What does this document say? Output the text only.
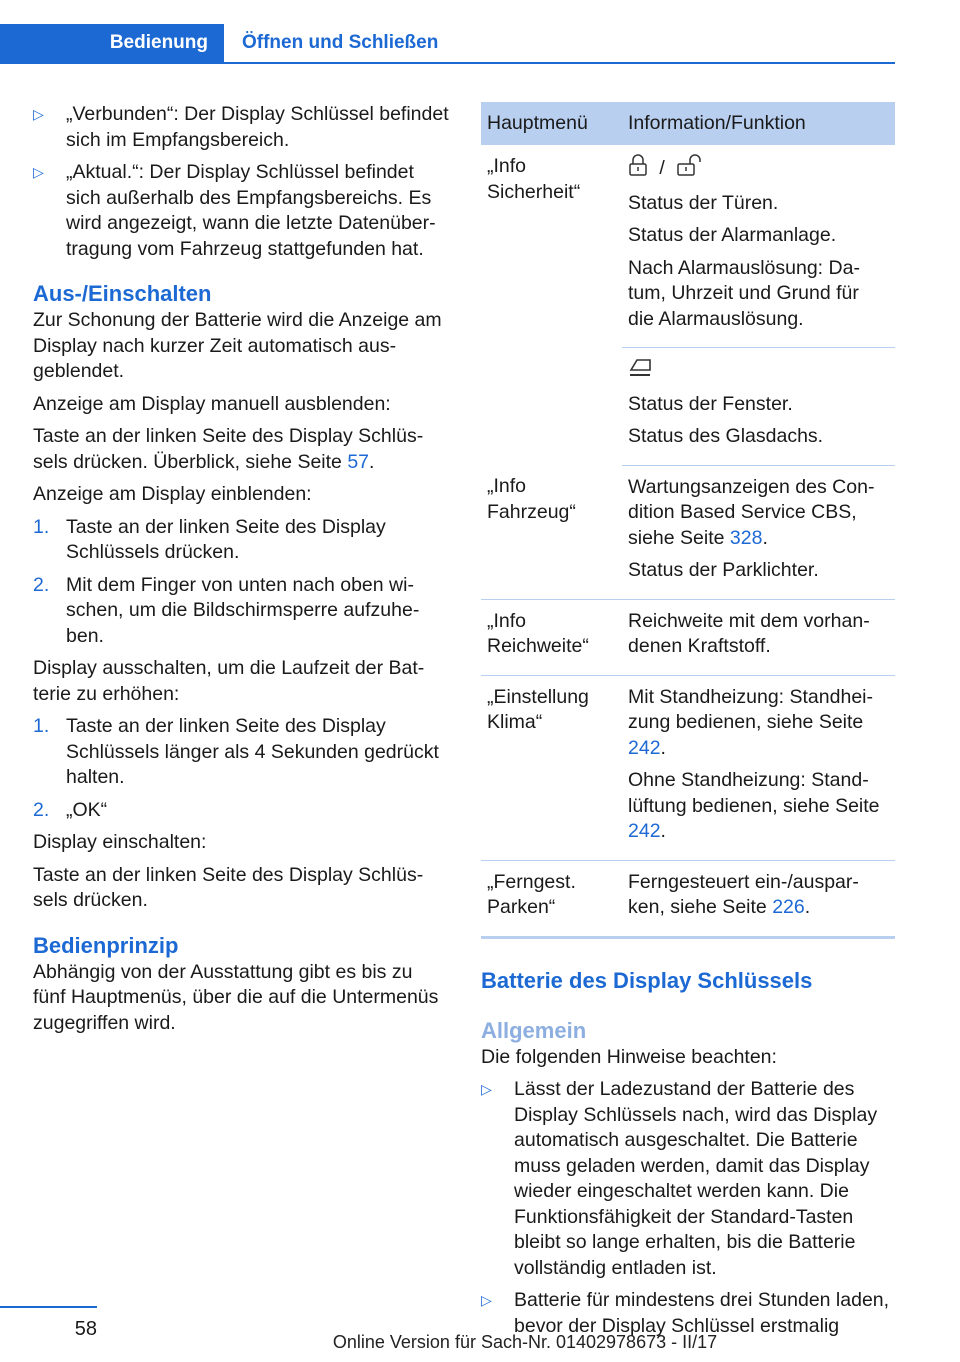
Bedienung	Öffnen und Schließen
▷	„Verbunden“: Der Display Schlüssel befindet sich im Empfangsbereich.
▷	„Aktual.“: Der Display Schlüssel befindet sich außerhalb des Empfangsbereichs. Es wird angezeigt, wann die letzte Datenübertragung vom Fahrzeug stattgefunden hat.
Aus-/Einschalten

Zur Schonung der Batterie wird die Anzeige am Display nach kurzer Zeit automatisch ausgeblendet.

Anzeige am Display manuell ausblenden:

Taste an der linken Seite des Display Schlüssels drücken. Überblick, siehe Seite 57.

Anzeige am Display einblenden:

1. Taste an der linken Seite des Display Schlüssels drücken.
2. Mit dem Finger von unten nach oben wischen, um die Bildschirmsperre aufzuheben.

Display ausschalten, um die Laufzeit der Batterie zu erhöhen:

1. Taste an der linken Seite des Display Schlüssels länger als 4 Sekunden gedrückt halten.
2. „OK“

Display einschalten:

Taste an der linken Seite des Display Schlüssels drücken.

Bedienprinzip

Abhängig von der Ausstattung gibt es bis zu fünf Hauptmenüs, über die auf die Untermenüs zugegriffen wird.

Hauptmenü	Information/Funktion
„Info Sicherheit“	/

Status der Türen.

Status der Alarmanlage.

Nach Alarmauslösung: Datum, Uhrzeit und Grund für die Alarmauslösung.

	Status der Fenster.

Status des Glasdachs.

„Info Fahrzeug“	Wartungsanzeigen des Condition Based Service CBS, siehe Seite 328.

Status der Parklichter.

„Info Reichweite“	Reichweite mit dem vorhandenen Kraftstoff.

„Einstellung Klima“	Mit Standheizung: Standheizung bedienen, siehe Seite 242.

Ohne Standheizung: Standlüftung bedienen, siehe Seite 242.

„Ferngest. Parken“	Ferngesteuert ein-/ausparken, siehe Seite 226.

Batterie des Display Schlüssels
Allgemein

Die folgenden Hinweise beachten:

▷	Lässt der Ladezustand der Batterie des Display Schlüssels nach, wird das Display automatisch ausgeschaltet. Die Batterie muss geladen werden, damit das Display wieder eingeschaltet werden kann. Die Funktionsfähigkeit der Standard-Tasten bleibt so lange erhalten, bis die Batterie vollständig entladen ist.
▷	Batterie für mindestens drei Stunden laden, bevor der Display Schlüssel erstmalig
58
Online Version für Sach-Nr. 01402978673 - II/17
